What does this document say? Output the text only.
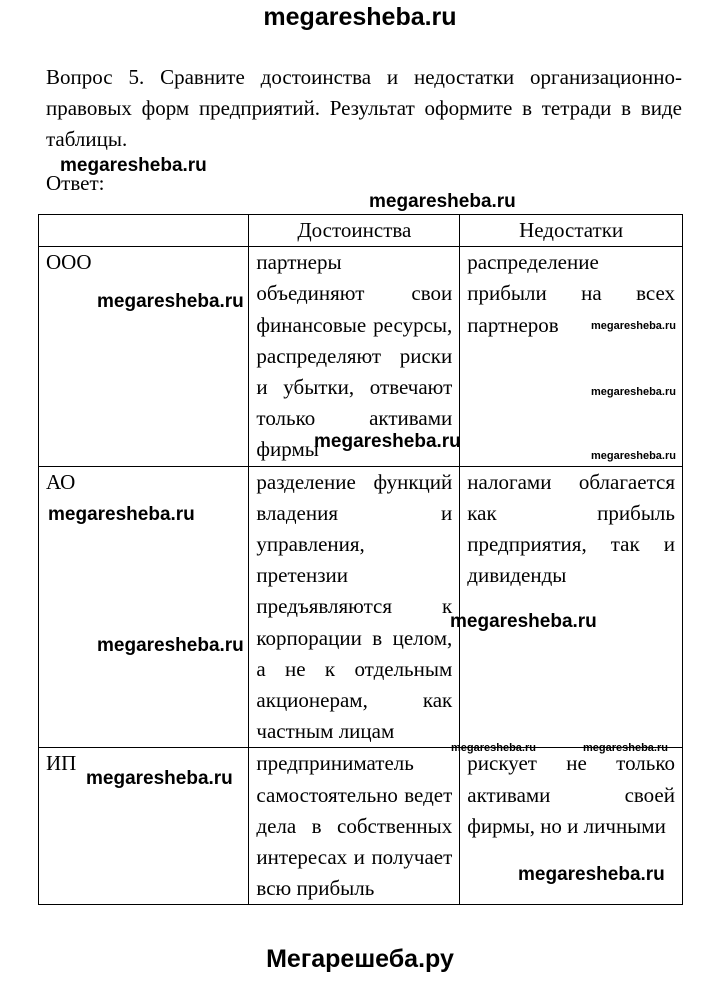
megaresheba.ru
Вопрос 5. Сравните достоинства и недостатки организационно-правовых форм предприятий. Результат оформите в тетради в виде таблицы.
Ответ:
	Достоинства	Недостатки
ООО	партнеры объединяют свои финансовые ресурсы, распределяют риски и убытки, отвечают только активами фирмы	распределение прибыли на всех партнеров

АО	разделение функций владения и управления, претензии предъявляются к корпорации в целом, а не к отдельным акционерам, как частным лицам	налогами облагается как прибыль предприятия, так и дивиденды

ИП	предприниматель самостоятельно ведет дела в собственных интересах и получает всю прибыль	рискует не только активами своей фирмы, но и личными
megaresheba.ru
megaresheba.ru
megaresheba.ru
megaresheba.ru
megaresheba.ru
megaresheba.ru
megaresheba.ru
megaresheba.ru
megaresheba.ru
megaresheba.ru
megaresheba.ru	megaresheba.ru
megaresheba.ru
megaresheba.ru
Мегарешеба.ру
